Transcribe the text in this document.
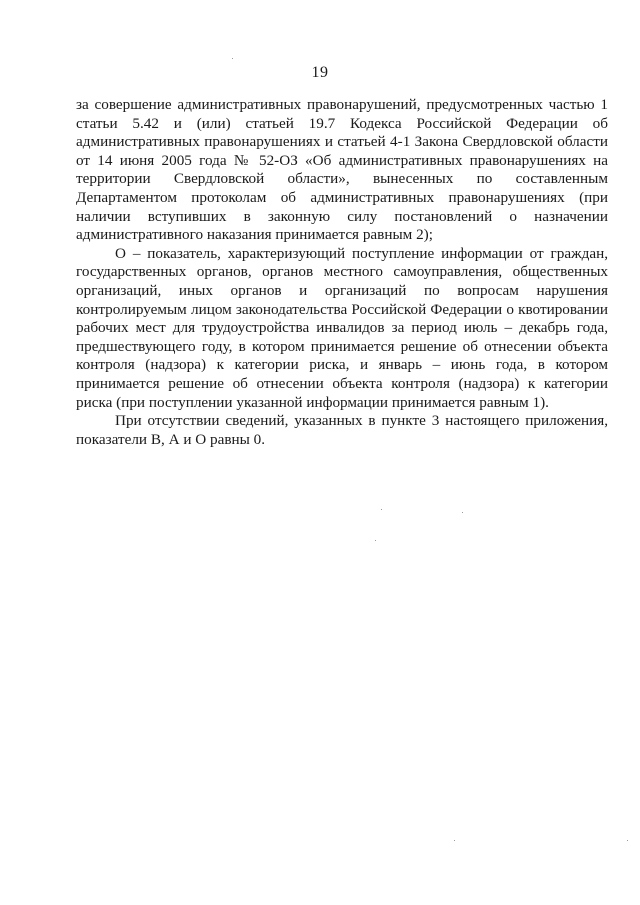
19

за совершение административных правонарушений, предусмотренных частью 1 статьи 5.42 и (или) статьей 19.7 Кодекса Российской Федерации об административных правонарушениях и статьей 4-1 Закона Свердловской области от 14 июня 2005 года № 52-ОЗ «Об административных правонарушениях на территории Свердловской области», вынесенных по составленным Департаментом протоколам об административных правонарушениях (при наличии вступивших в законную силу постановлений о назначении административного наказания принимается равным 2);

О – показатель, характеризующий поступление информации от граждан, государственных органов, органов местного самоуправления, общественных организаций, иных органов и организаций по вопросам нарушения контролируемым лицом законодательства Российской Федерации о квотировании рабочих мест для трудоустройства инвалидов за период июль – декабрь года, предшествующего году, в котором принимается решение об отнесении объекта контроля (надзора) к категории риска, и январь – июнь года, в котором принимается решение об отнесении объекта контроля (надзора) к категории риска (при поступлении указанной информации принимается равным 1).

При отсутствии сведений, указанных в пункте 3 настоящего приложения, показатели В, А и О равны 0.
